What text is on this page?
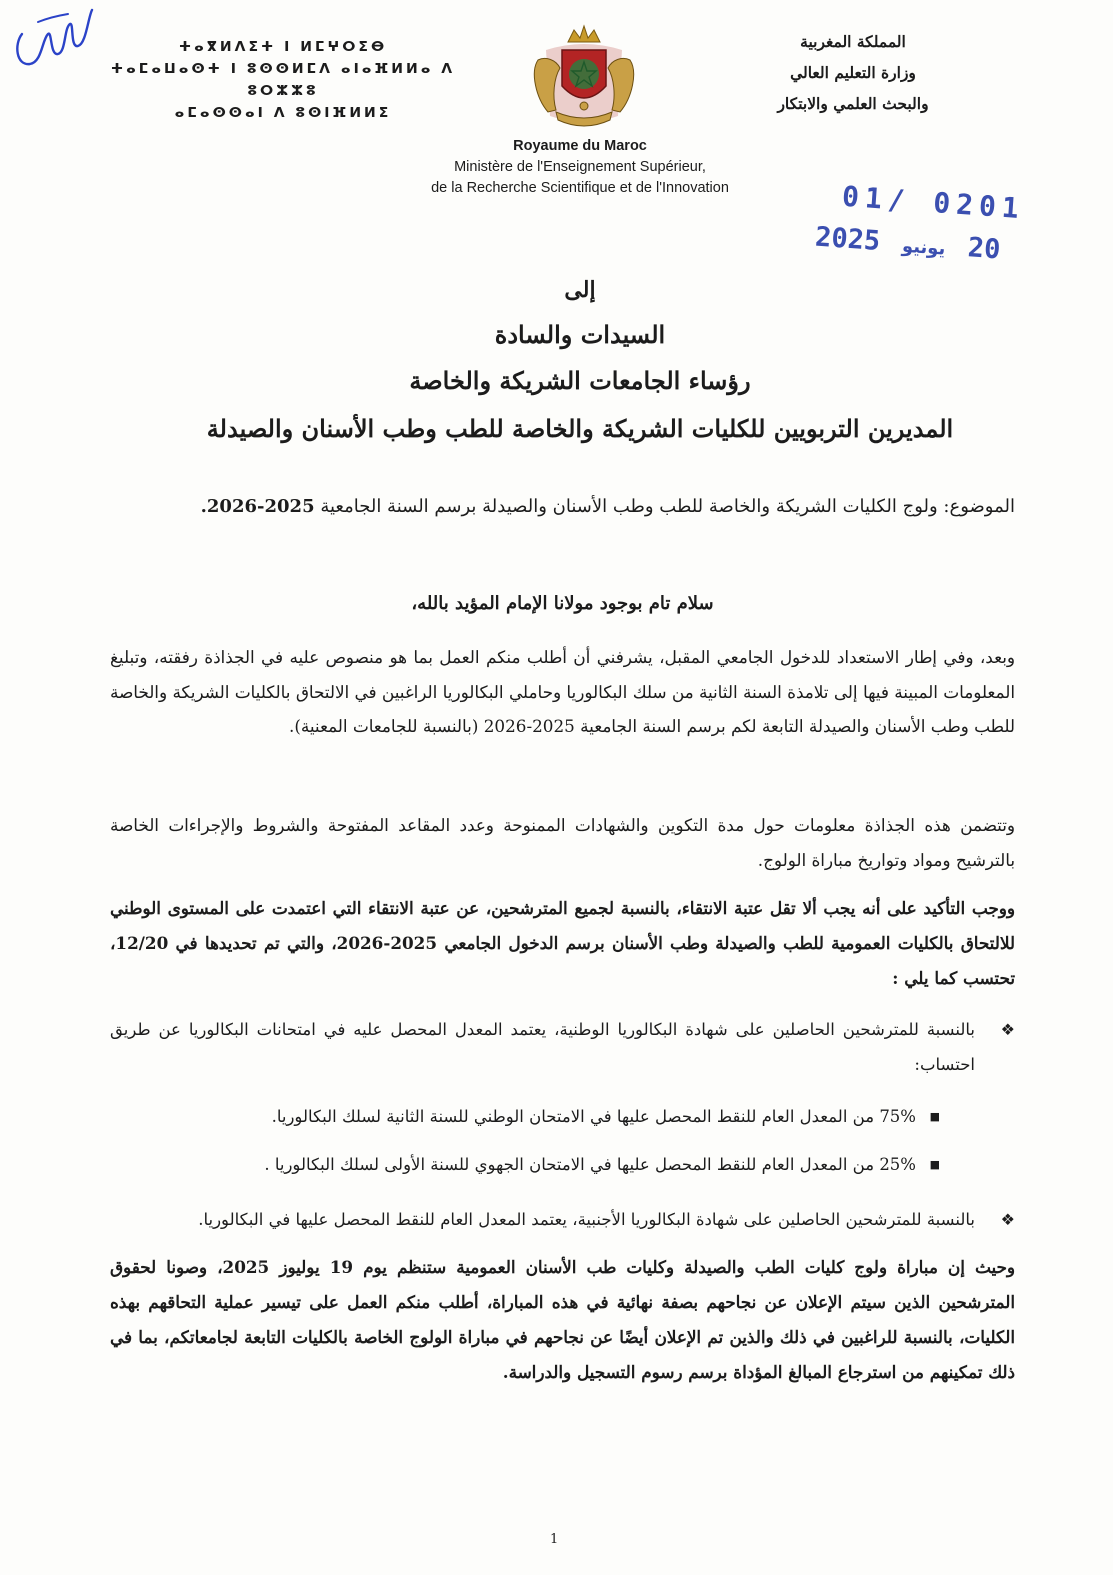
ⵜⴰⴳⵍⴷⵉⵜ ⵏ ⵍⵎⵖⵔⵉⴱ
ⵜⴰⵎⴰⵡⴰⵙⵜ ⵏ ⵓⵙⵙⵍⵎⴷ ⴰⵏⴰⴼⵍⵍⴰ ⴷ ⵓⵔⵣⵣⵓ
ⴰⵎⴰⵙⵙⴰⵏ ⴷ ⵓⵙⵏⴼⵍⵍⵉ
المملكة المغربية
وزارة التعليم العالي
والبحث العلمي والابتكار
Royaume du Maroc
Ministère de l'Enseignement Supérieur,
de la Recherche Scientifique et de l'Innovation	01/ 0201
2025 يونيو 20
إلى
السيدات والسادة
رؤساء الجامعات الشريكة والخاصة
المديرين التربويين للكليات الشريكة والخاصة للطب وطب الأسنان والصيدلة
الموضوع: ولوج الكليات الشريكة والخاصة للطب وطب الأسنان والصيدلة برسم السنة الجامعية 2025-2026.
سلام تام بوجود مولانا الإمام المؤيد بالله،
وبعد، وفي إطار الاستعداد للدخول الجامعي المقبل، يشرفني أن أطلب منكم العمل بما هو منصوص عليه في الجذاذة رفقته، وتبليغ المعلومات المبينة فيها إلى تلامذة السنة الثانية من سلك البكالوريا وحاملي البكالوريا الراغبين في الالتحاق بالكليات الشريكة والخاصة للطب وطب الأسنان والصيدلة التابعة لكم برسم السنة الجامعية 2025-2026 (بالنسبة للجامعات المعنية).
وتتضمن هذه الجذاذة معلومات حول مدة التكوين والشهادات الممنوحة وعدد المقاعد المفتوحة والشروط والإجراءات الخاصة بالترشيح ومواد وتواريخ مباراة الولوج.
ووجب التأكيد على أنه يجب ألا تقل عتبة الانتقاء، بالنسبة لجميع المترشحين، عن عتبة الانتقاء التي اعتمدت على المستوى الوطني للالتحاق بالكليات العمومية للطب والصيدلة وطب الأسنان برسم الدخول الجامعي 2025-2026، والتي تم تحديدها في 12/20، تحتسب كما يلي :
❖
بالنسبة للمترشحين الحاصلين على شهادة البكالوريا الوطنية، يعتمد المعدل المحصل عليه في امتحانات البكالوريا عن طريق احتساب:
■
75% من المعدل العام للنقط المحصل عليها في الامتحان الوطني للسنة الثانية لسلك البكالوريا.
■
25% من المعدل العام للنقط المحصل عليها في الامتحان الجهوي للسنة الأولى لسلك البكالوريا .
❖
بالنسبة للمترشحين الحاصلين على شهادة البكالوريا الأجنبية، يعتمد المعدل العام للنقط المحصل عليها في البكالوريا.
وحيث إن مباراة ولوج كليات الطب والصيدلة وكليات طب الأسنان العمومية ستنظم يوم 19 يوليوز 2025، وصونا لحقوق المترشحين الذين سيتم الإعلان عن نجاحهم بصفة نهائية في هذه المباراة، أطلب منكم العمل على تيسير عملية التحاقهم بهذه الكليات، بالنسبة للراغبين في ذلك والذين تم الإعلان أيضًا عن نجاحهم في مباراة الولوج الخاصة بالكليات التابعة لجامعاتكم، بما في ذلك تمكينهم من استرجاع المبالغ المؤداة برسم رسوم التسجيل والدراسة.
1
